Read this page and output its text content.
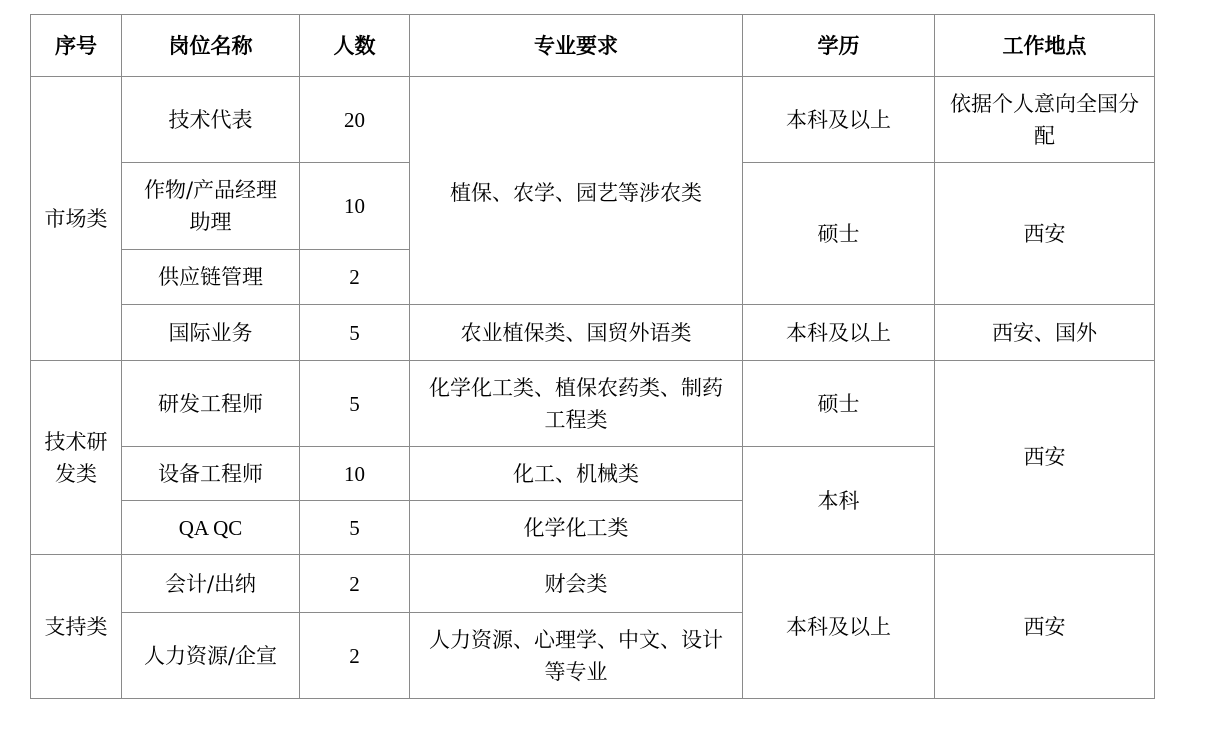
序号	岗位名称	人数	专业要求	学历	工作地点
市场类	技术代表	20	植保、农学、园艺等涉农类	本科及以上	依据个人意向全国分配
	作物/产品经理助理	10		硕士	西安
	供应链管理	2			
	国际业务	5	农业植保类、国贸外语类	本科及以上	西安、国外
技术研发类	研发工程师	5	化学化工类、植保农药类、制药工程类	硕士	西安
	设备工程师	10	化工、机械类	本科	
	QA QC	5	化学化工类		
支持类	会计/出纳	2	财会类	本科及以上	西安
	人力资源/企宣	2	人力资源、心理学、中文、设计等专业		
